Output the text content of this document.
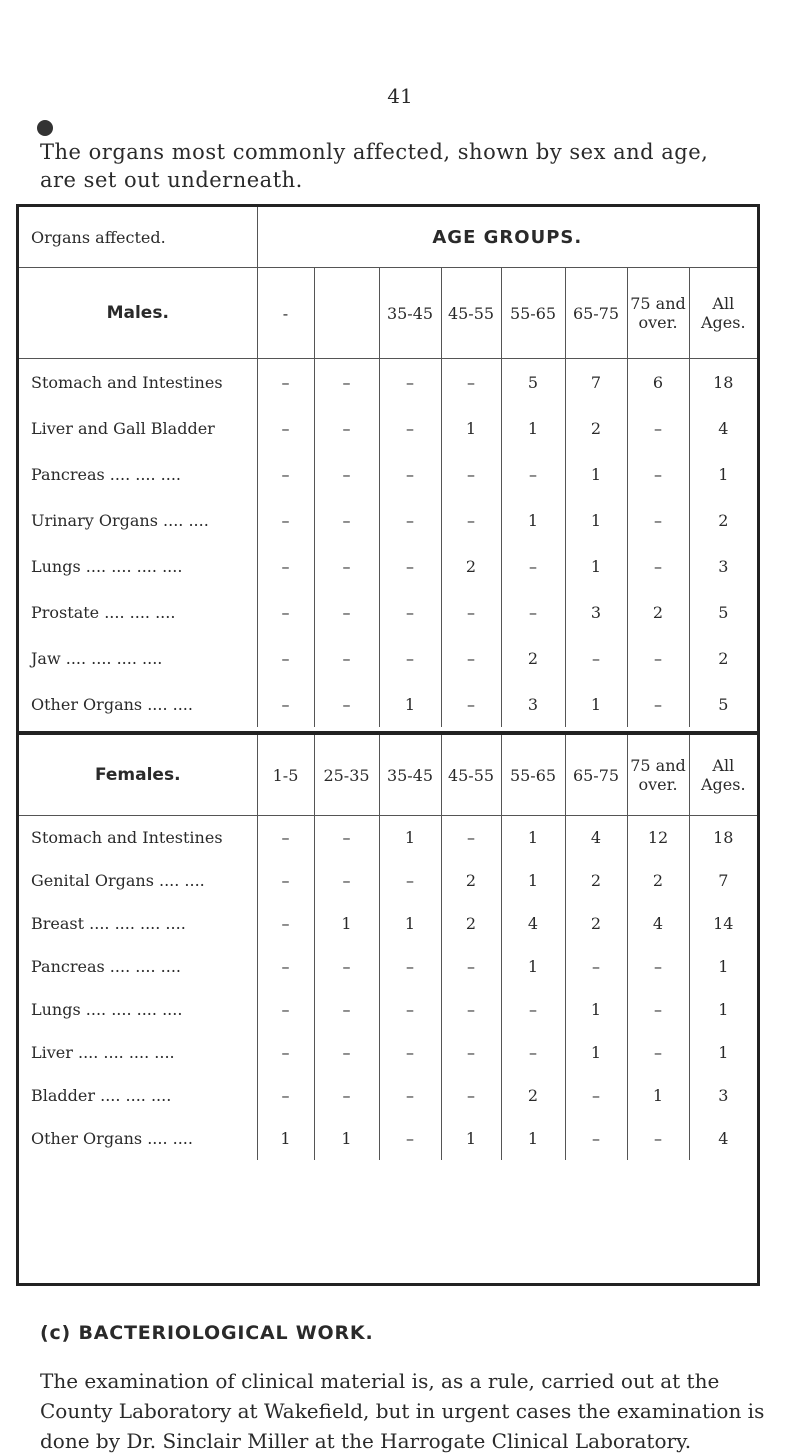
41
The organs most commonly affected, shown by sex and age,
are set out underneath.
Organs affected.	AGE GROUPS.							
Males.	-		35-45	45-55	55-65	65-75	75 and over.	All Ages.
Stomach and Intestines	–	–	–	–	5	7	6	18
Liver and Gall Bladder	–	–	–	1	1	2	–	4
Pancreas .... .... ....	–	–	–	–	–	1	–	1
Urinary Organs .... ....	–	–	–	–	1	1	–	2
Lungs .... .... .... ....	–	–	–	2	–	1	–	3
Prostate .... .... ....	–	–	–	–	–	3	2	5
Jaw .... .... .... ....	–	–	–	–	2	–	–	2
Other Organs .... ....	–	–	1	–	3	1	–	5

Females.	1-5	25-35	35-45	45-55	55-65	65-75	75 and over.	All Ages.
Stomach and Intestines	–	–	1	–	1	4	12	18
Genital Organs .... ....	–	–	–	2	1	2	2	7
Breast .... .... .... ....	–	1	1	2	4	2	4	14
Pancreas .... .... ....	–	–	–	–	1	–	–	1
Lungs .... .... .... ....	–	–	–	–	–	1	–	1
Liver .... .... .... ....	–	–	–	–	–	1	–	1
Bladder .... .... ....	–	–	–	–	2	–	1	3
Other Organs .... ....	1	1	–	1	1	–	–	4
(c) BACTERIOLOGICAL WORK.
The examination of clinical material is, as a rule, carried out at the County Laboratory at Wakefield, but in urgent cases the examination is done by Dr. Sinclair Miller at the Harrogate Clinical Laboratory.
